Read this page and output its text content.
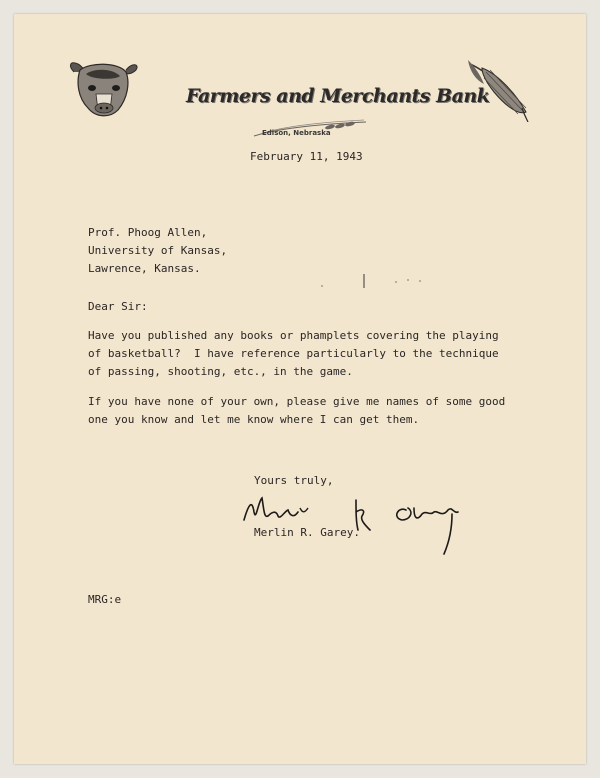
Farmers and Merchants Bank
Edison, Nebraska
February 11, 1943
Prof. Phoog Allen,
University of Kansas,
Lawrence, Kansas.
Dear Sir:
Have you published any books or phamplets covering the playing
of basketball?  I have reference particularly to the technique
of passing, shooting, etc., in the game.
If you have none of your own, please give me names of some good
one you know and let me know where I can get them.
Yours truly,
Merlin R. Garey.
MRG:e
